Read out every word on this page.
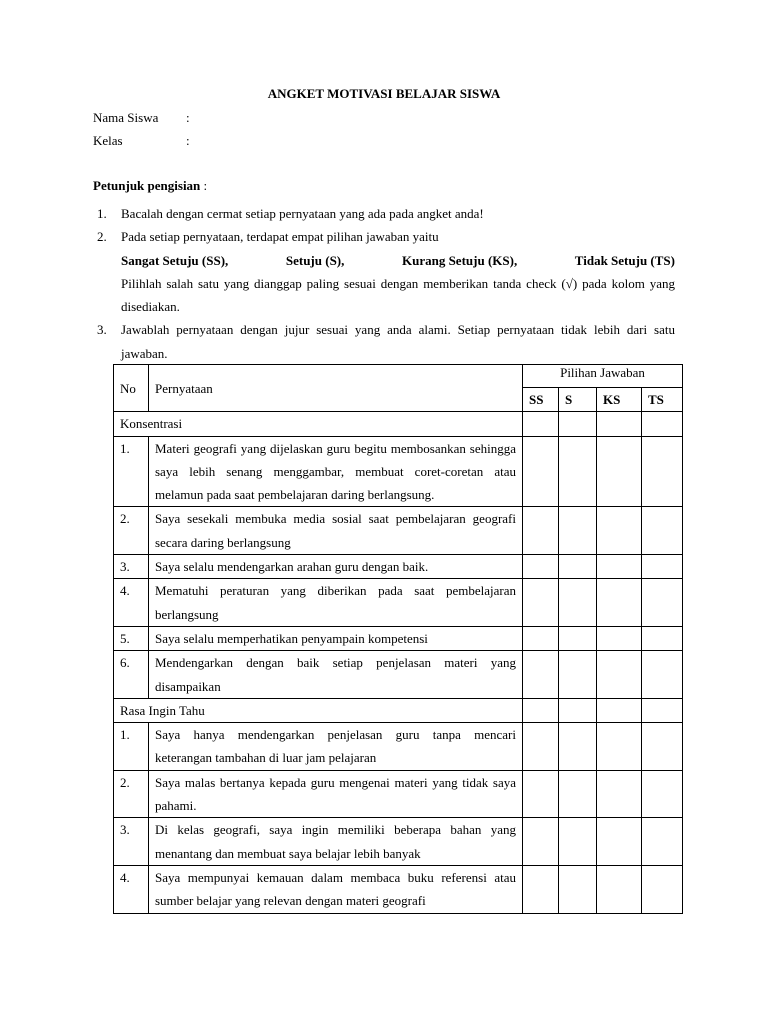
ANGKET MOTIVASI BELAJAR SISWA
Nama Siswa :
Kelas	:
Petunjuk pengisian :
1. Bacalah dengan cermat setiap pernyataan yang ada pada angket anda!
2. Pada setiap pernyataan, terdapat empat pilihan jawaban yaitu
Sangat Setuju (SS),	Setuju (S),	Kurang Setuju (KS),	Tidak Setuju (TS)
Pilihlah salah satu yang dianggap paling sesuai dengan memberikan tanda check (√) pada kolom yang disediakan.
3. Jawablah pernyataan dengan jujur sesuai yang anda alami. Setiap pernyataan tidak lebih dari satu jawaban.
No	Pernyataan	Pilihan Jawaban			
		SS	S	KS	TS
Konsentrasi					
1.	Materi geografi yang dijelaskan guru begitu membosankan sehingga saya lebih senang menggambar, membuat coret-coretan atau melamun pada saat pembelajaran daring berlangsung.				
2.	Saya sesekali membuka media sosial saat pembelajaran geografi secara daring berlangsung				
3.	Saya selalu mendengarkan arahan guru dengan baik.				
4.	Mematuhi peraturan yang diberikan pada saat pembelajaran berlangsung				
5.	Saya selalu memperhatikan penyampain kompetensi				
6.	Mendengarkan dengan baik setiap penjelasan materi yang disampaikan				
Rasa Ingin Tahu					
1.	Saya hanya mendengarkan penjelasan guru tanpa mencari keterangan tambahan di luar jam pelajaran				
2.	Saya malas bertanya kepada guru mengenai materi yang tidak saya pahami.				
3.	Di kelas geografi, saya ingin memiliki beberapa bahan yang menantang dan membuat saya belajar lebih banyak				
4.	Saya mempunyai kemauan dalam membaca buku referensi atau sumber belajar yang relevan dengan materi geografi				
